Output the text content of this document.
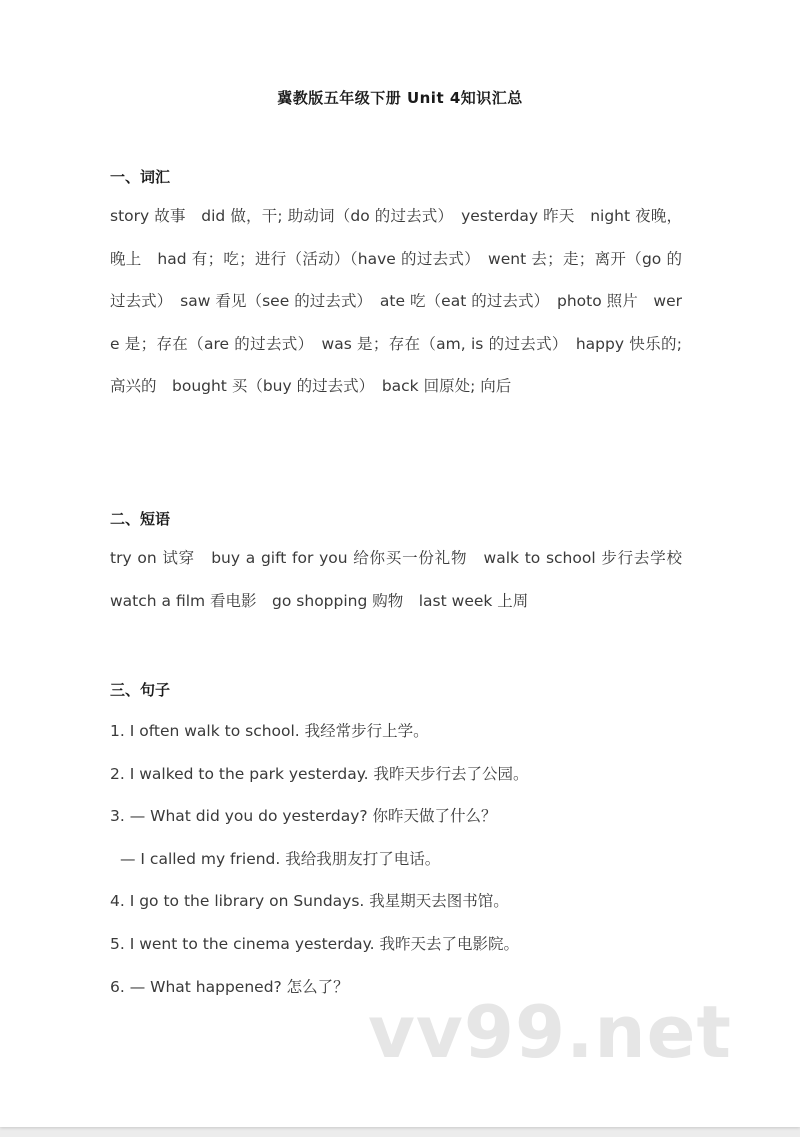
冀教版五年级下册 Unit 4知识汇总
一、词汇
story 故事　did 做，干; 助动词（do 的过去式）　yesterday 昨天　night 夜晚，晚上　had 有；吃；进行（活动）（have 的过去式）　went 去；走；离开（go 的过去式）　saw 看见（see 的过去式）　ate 吃（eat 的过去式）　photo 照片　were 是；存在（are 的过去式）　was 是；存在（am, is 的过去式）　happy 快乐的; 高兴的　bought 买（buy 的过去式）　back 回原处; 向后
二、短语
try on 试穿　buy a gift for you 给你买一份礼物　walk to school 步行去学校　watch a film 看电影　go shopping 购物　last week 上周
三、句子
1. I often walk to school. 我经常步行上学。
2. I walked to the park yesterday. 我昨天步行去了公园。
3. — What did you do yesterday? 你昨天做了什么？
— I called my friend. 我给我朋友打了电话。
4. I go to the library on Sundays. 我星期天去图书馆。
5. I went to the cinema yesterday. 我昨天去了电影院。
6. — What happened? 怎么了？
vv99.net
